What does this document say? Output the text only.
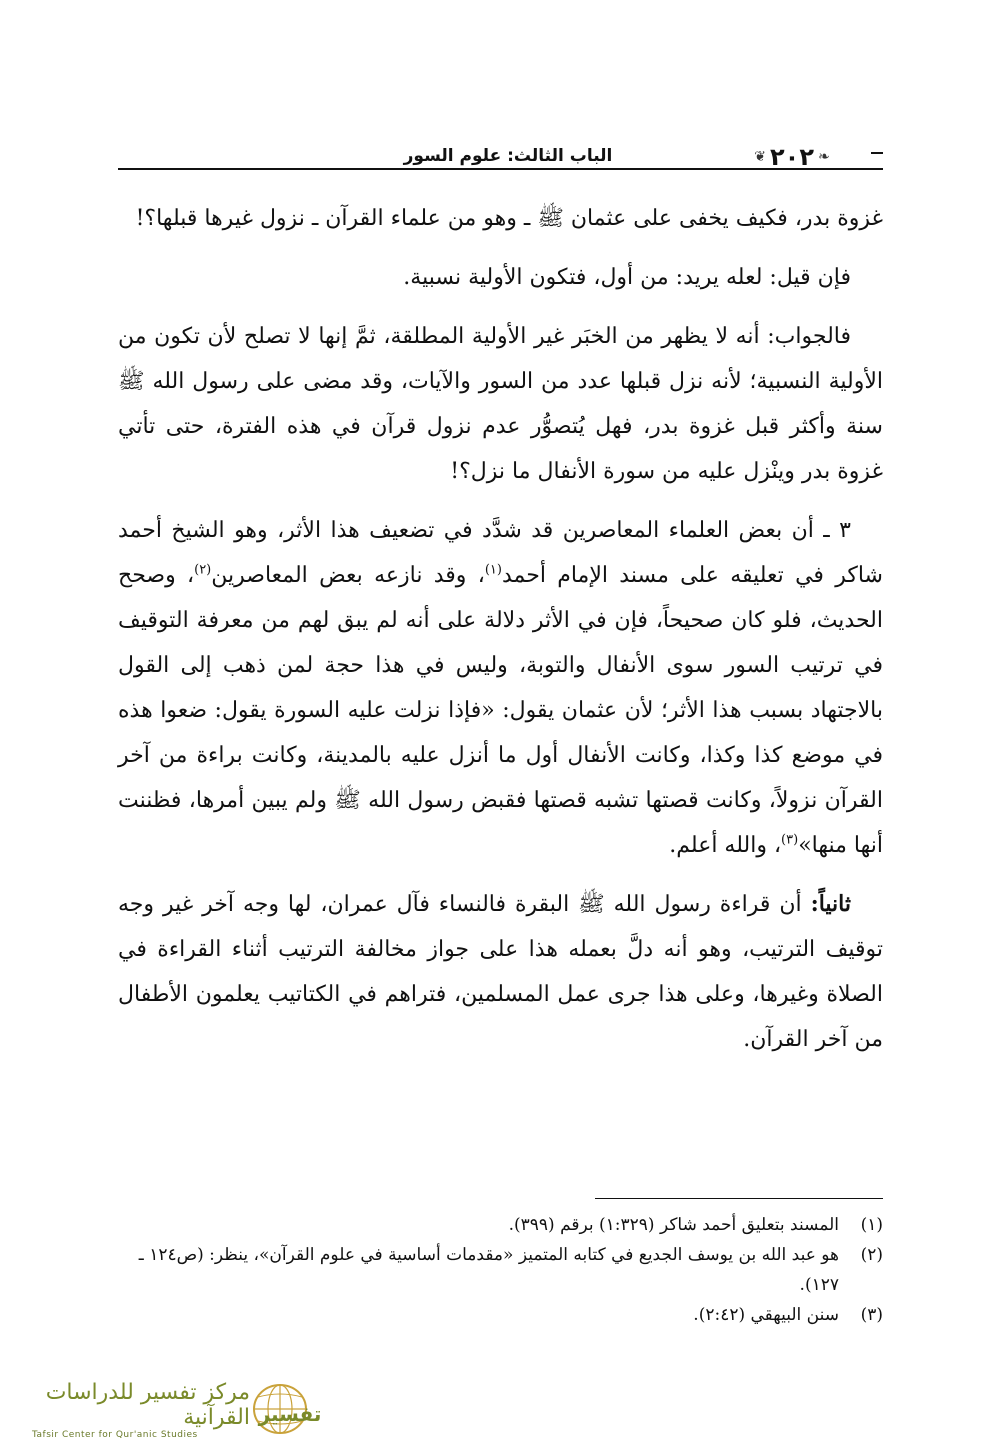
❧
٢٠٢
❦
الباب الثالث: علوم السور

غزوة بدر، فكيف يخفى على عثمان ﷺ ـ وهو من علماء القرآن ـ نزول غيرها قبلها؟!

فإن قيل: لعله يريد: من أول، فتكون الأولية نسبية.

فالجواب: أنه لا يظهر من الخبَر غير الأولية المطلقة، ثمَّ إنها لا تصلح لأن تكون من الأولية النسبية؛ لأنه نزل قبلها عدد من السور والآيات، وقد مضى على رسول الله ﷺ سنة وأكثر قبل غزوة بدر، فهل يُتصوُّر عدم نزول قرآن في هذه الفترة، حتى تأتي غزوة بدر وينْزل عليه من سورة الأنفال ما نزل؟!

٣ ـ أن بعض العلماء المعاصرين قد شدَّد في تضعيف هذا الأثر، وهو الشيخ أحمد شاكر في تعليقه على مسند الإمام أحمد$^{(١)}$، وقد نازعه بعض المعاصرين$^{(٢)}$، وصحح الحديث، فلو كان صحيحاً، فإن في الأثر دلالة على أنه لم يبق لهم من معرفة التوقيف في ترتيب السور سوى الأنفال والتوبة، وليس في هذا حجة لمن ذهب إلى القول بالاجتهاد بسبب هذا الأثر؛ لأن عثمان يقول: «فإذا نزلت عليه السورة يقول: ضعوا هذه في موضع كذا وكذا، وكانت الأنفال أول ما أنزل عليه بالمدينة، وكانت براءة من آخر القرآن نزولاً، وكانت قصتها تشبه قصتها فقبض رسول الله ﷺ ولم يبين أمرها، فظننت أنها منها»$^{(٣)}$، والله أعلم.

ثانياً: أن قراءة رسول الله ﷺ البقرة فالنساء فآل عمران، لها وجه آخر غير وجه توقيف الترتيب، وهو أنه دلَّ بعمله هذا على جواز مخالفة الترتيب أثناء القراءة في الصلاة وغيرها، وعلى هذا جرى عمل المسلمين، فتراهم في الكتاتيب يعلمون الأطفال من آخر القرآن.

(١)
المسند بتعليق أحمد شاكر (١:٣٢٩) برقم (٣٩٩).
(٢)
هو عبد الله بن يوسف الجديع في كتابه المتميز «مقدمات أساسية في علوم القرآن»، ينظر: (ص١٢٤ ـ ١٢٧).
(٣)
سنن البيهقي (٢:٤٢).
مركز تفسير للدراسات القرآنية
Tafsir Center for Qur'anic Studies
تفسير
